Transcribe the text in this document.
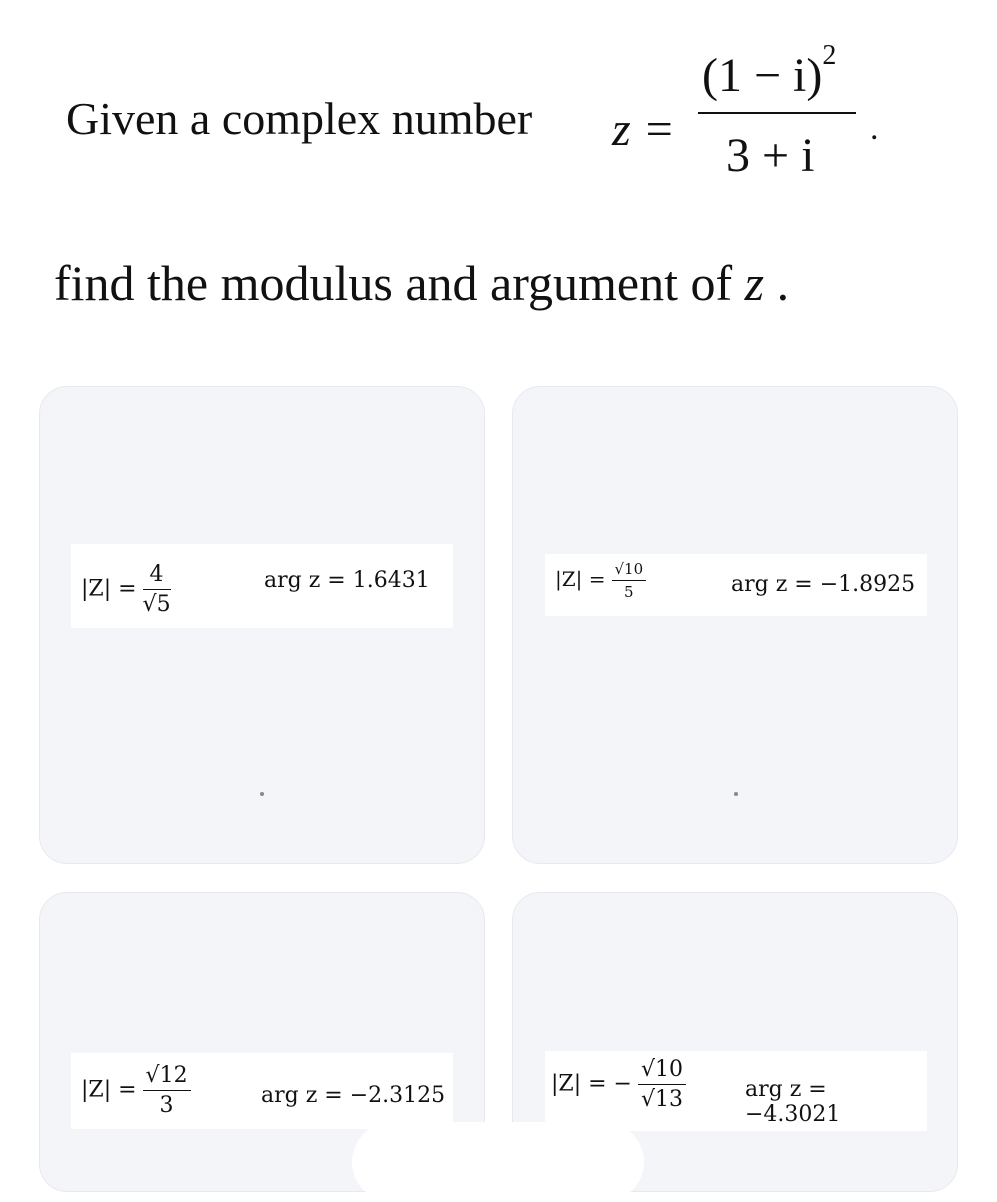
Given a complex number z =
$(1 - i)^2$
3 + i
.
find the modulus and argument of z .
$|Z| = \frac{4}{√5}$	arg z = 1.6431	$|Z| = \frac{√10}{5}$	arg z = −1.8925
$|Z| = \frac{√12}{3}$	arg z = −2.3125	|Z| = − $\frac{√10}{√13}$	arg z = −4.3021
